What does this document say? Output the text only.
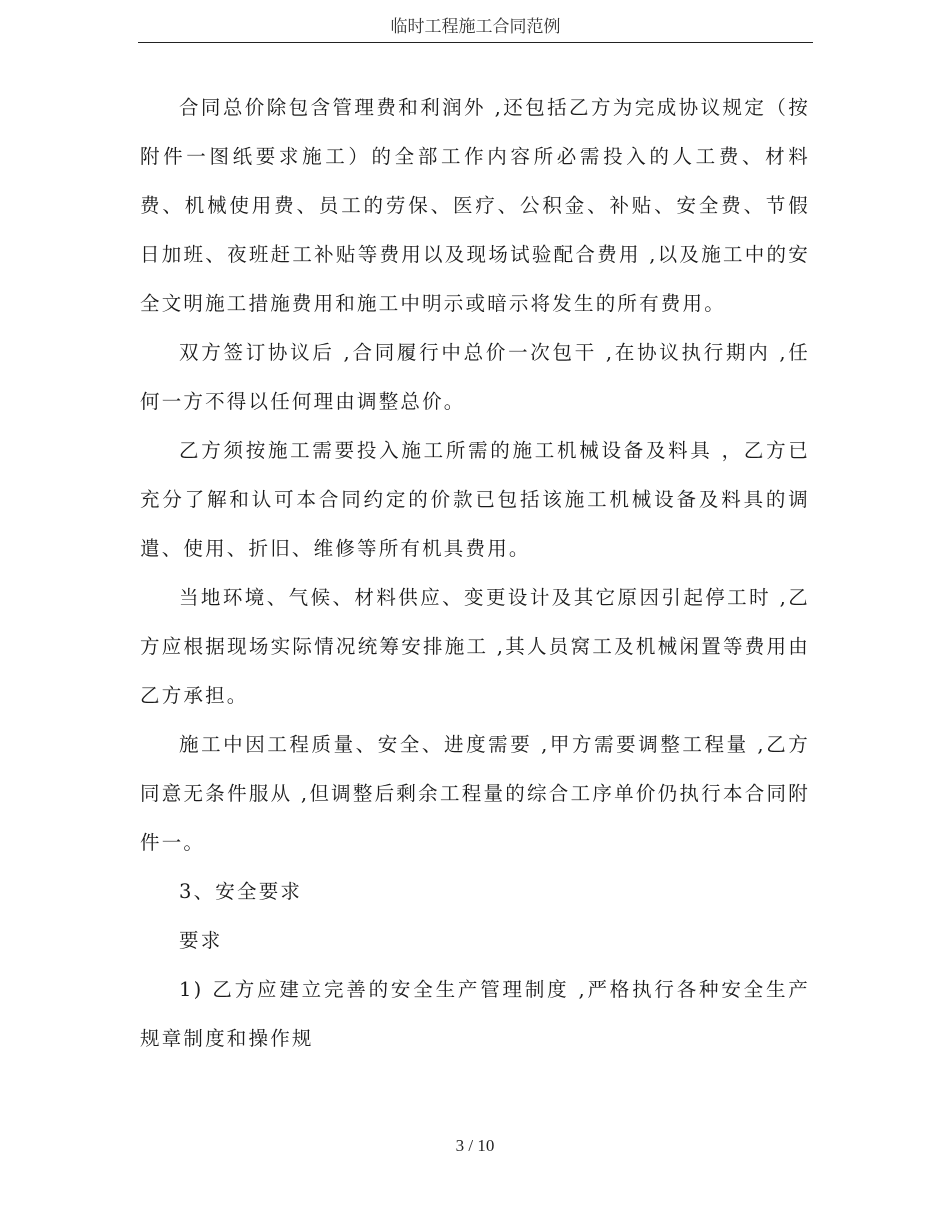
临时工程施工合同范例

合同总价除包含管理费和利润外 ,还包括乙方为完成协议规定（按附件一图纸要求施工）的全部工作内容所必需投入的人工费、材料费、机械使用费、员工的劳保、医疗、公积金、补贴、安全费、节假日加班、夜班赶工补贴等费用以及现场试验配合费用 ,以及施工中的安全文明施工措施费用和施工中明示或暗示将发生的所有费用。

双方签订协议后 ,合同履行中总价一次包干 ,在协议执行期内 ,任何一方不得以任何理由调整总价。

乙方须按施工需要投入施工所需的施工机械设备及料具 ，乙方已充分了解和认可本合同约定的价款已包括该施工机械设备及料具的调遣、使用、折旧、维修等所有机具费用。

当地环境、气候、材料供应、变更设计及其它原因引起停工时 ,乙方应根据现场实际情况统筹安排施工 ,其人员窝工及机械闲置等费用由乙方承担。

施工中因工程质量、安全、进度需要 ,甲方需要调整工程量 ,乙方同意无条件服从 ,但调整后剩余工程量的综合工序单价仍执行本合同附件一。

3、安全要求

要求

1) 乙方应建立完善的安全生产管理制度 ,严格执行各种安全生产规章制度和操作规

3 / 10
